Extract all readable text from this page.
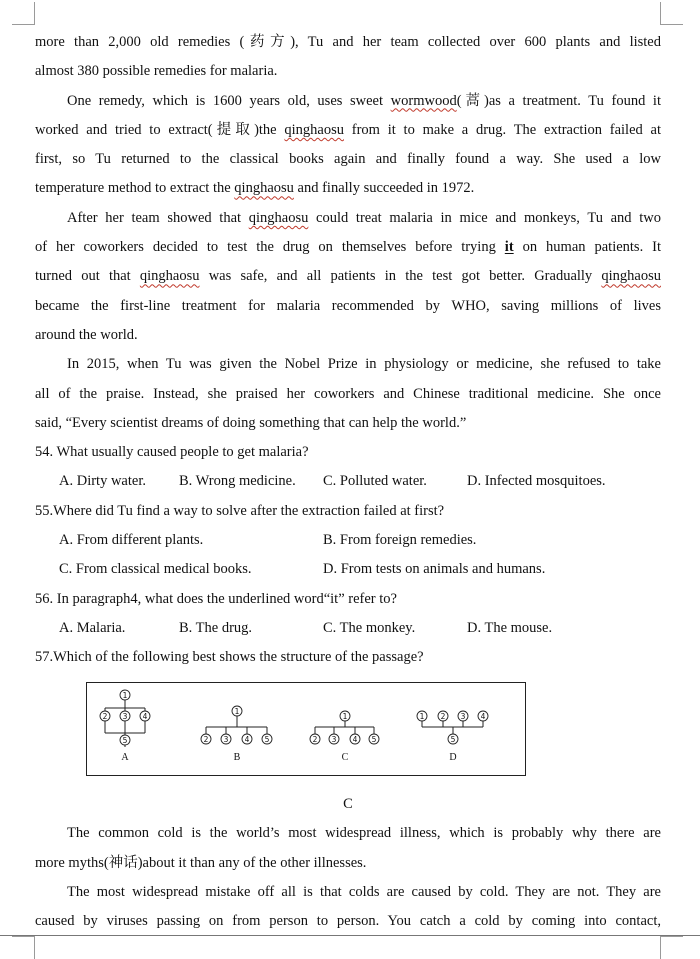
more than 2,000 old remedies (药方), Tu and her team collected over 600 plants and listed
almost 380 possible remedies for malaria.
One remedy, which is 1600 years old, uses sweet wormwood(蒿)as a treatment. Tu found it
worked and tried to extract(提取)the qinghaosu from it to make a drug. The extraction failed at
first, so Tu returned to the classical books again and finally found a way. She used a low
temperature method to extract the qinghaosu and finally succeeded in 1972.
After her team showed that qinghaosu could treat malaria in mice and monkeys, Tu and two
of her coworkers decided to test the drug on themselves before trying it on human patients. It
turned out that qinghaosu was safe, and all patients in the test got better. Gradually qinghaosu
became the first-line treatment for malaria recommended by WHO, saving millions of lives
around the world.
In 2015, when Tu was given the Nobel Prize in physiology or medicine, she refused to take
all of the praise. Instead, she praised her coworkers and Chinese traditional medicine. She once
said, “Every scientist dreams of doing something that can help the world.”
54. What usually caused people to get malaria?
A. Dirty water. B. Wrong medicine. C. Polluted water.	D. Infected mosquitoes.
55.Where did Tu find a way to solve after the extraction failed at first?
A. From different plants.	B. From foreign remedies.
C. From classical medical books.	D. From tests on animals and humans.
56. In paragraph4, what does the underlined word“it” refer to?
A. Malaria.	B. The drug.	C. The monkey.	D. The mouse.
57.Which of the following best shows the structure of the passage?
1
2 3 4
5
A
1
2 3 4 5
B
1
2 3 4 5
C
1 2 3 4
5
D
C
The common cold is the world’s most widespread illness, which is probably why there are
more myths(神话)about it than any of the other illnesses.
The most widespread mistake off all is that colds are caused by cold. They are not. They are
caused by viruses passing on from person to person. You catch a cold by coming into contact,
